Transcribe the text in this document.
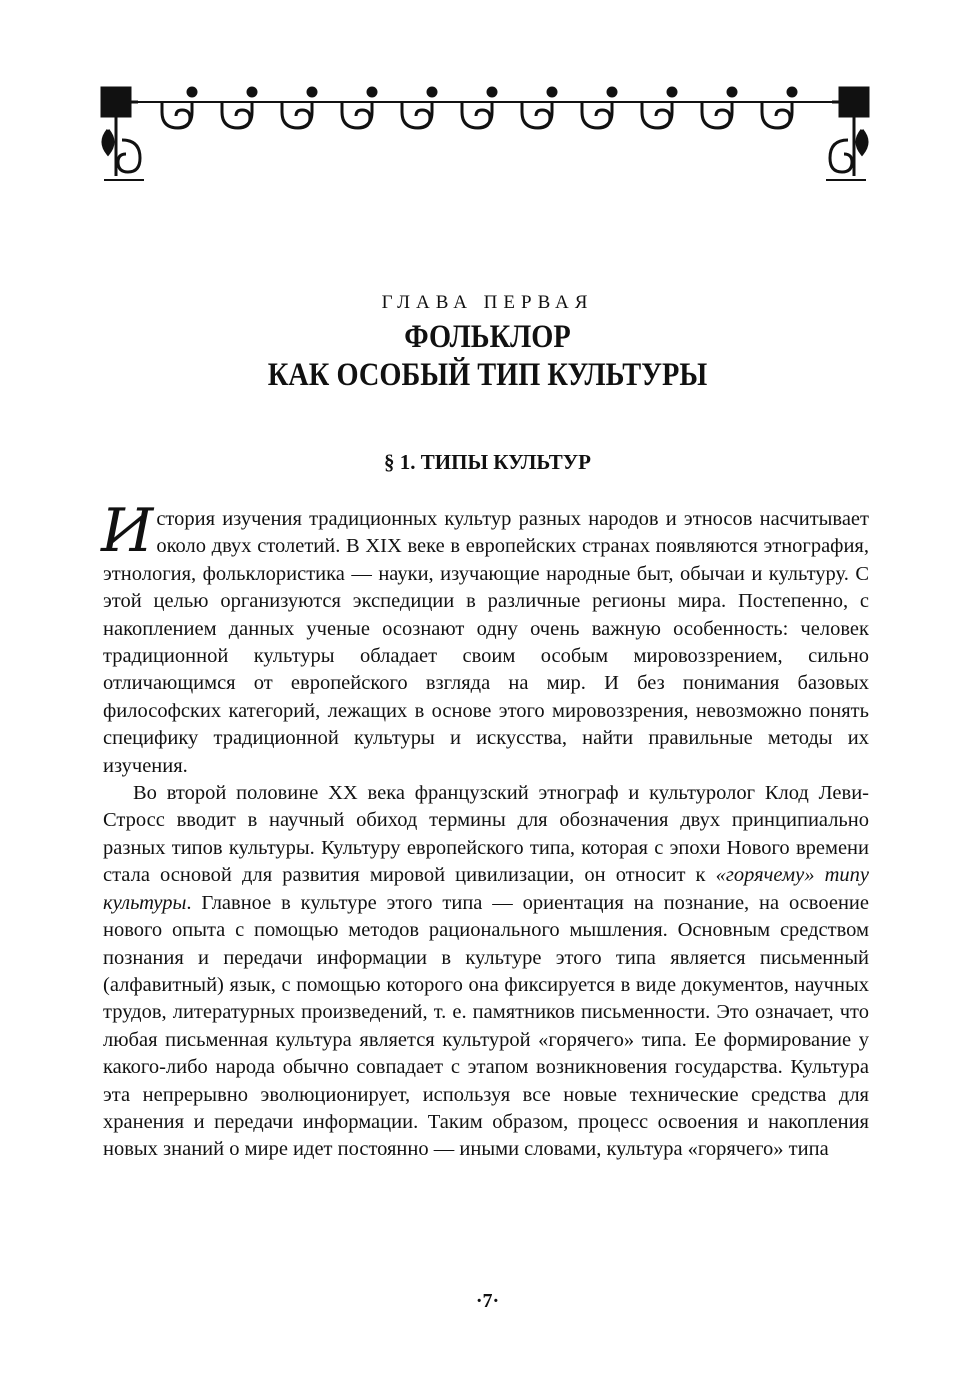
ГЛАВА ПЕРВАЯ
ФОЛЬКЛОР
КАК ОСОБЫЙ ТИП КУЛЬТУРЫ
§ 1. ТИПЫ КУЛЬТУР

История изучения традиционных культур разных народов и этносов насчитывает около двух столетий. В XIX веке в европейских странах появляются этнография, этнология, фольклористика — науки, изучающие народные быт, обычаи и культуру. С этой целью организуются экспедиции в различные регионы мира. Постепенно, с накоплением данных ученые осознают одну очень важную особенность: человек традиционной культуры обладает своим особым мировоззрением, сильно отличающимся от европейского взгляда на мир. И без понимания базовых философских категорий, лежащих в основе этого мировоззрения, невозможно понять специфику традиционной культуры и искусства, найти правильные методы их изучения.

Во второй половине XX века французский этнограф и культуролог Клод Леви-Стросс вводит в научный обиход термины для обозначения двух принципиально разных типов культуры. Культуру европейского типа, которая с эпохи Нового времени стала основой для развития мировой цивилизации, он относит к «горячему» типу культуры. Главное в культуре этого типа — ориентация на познание, на освоение нового опыта с помощью методов рационального мышления. Основным средством познания и передачи информации в культуре этого типа является письменный (алфавитный) язык, с помощью которого она фиксируется в виде документов, научных трудов, литературных произведений, т. е. памятников письменности. Это означает, что любая письменная культура является культурой «горячего» типа. Ее формирование у какого-либо народа обычно совпадает с этапом возникновения государства. Культура эта непрерывно эволюционирует, используя все новые технические средства для хранения и передачи информации. Таким образом, процесс освоения и накопления новых знаний о мире идет постоянно — иными словами, культура «горячего» типа

·7·
